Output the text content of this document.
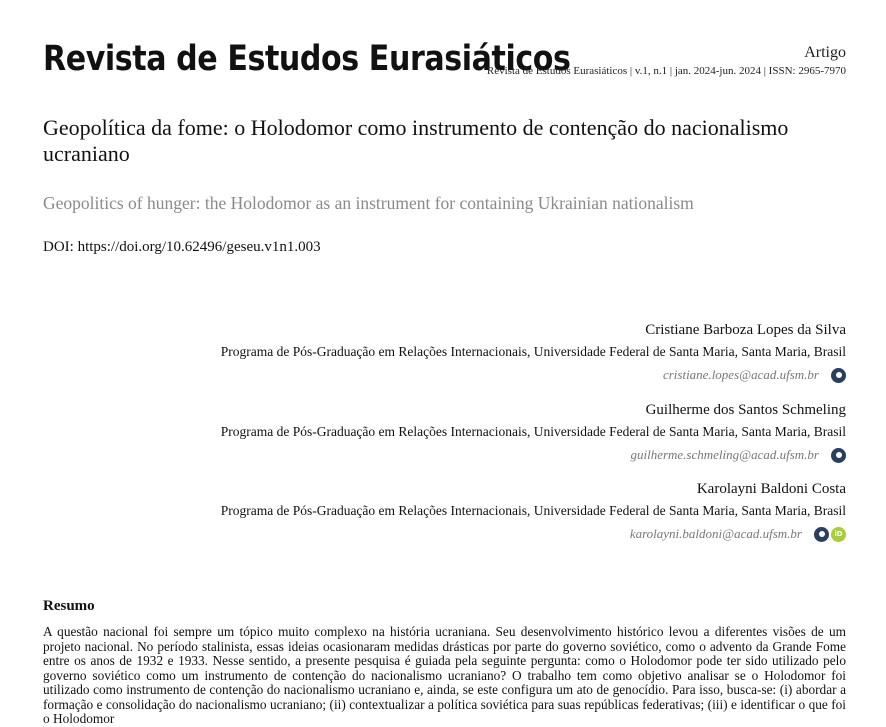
Revista de Estudos Eurasiáticos	Artigo
Revista de Estudos Eurasiáticos | v.1, n.1 | jan. 2024-jun. 2024 | ISSN: 2965-7970
Geopolítica da fome: o Holodomor como instrumento de contenção do nacionalismo ucraniano
Geopolitics of hunger: the Holodomor as an instrument for containing Ukrainian nationalism
DOI: https://doi.org/10.62496/geseu.v1n1.003
Cristiane Barboza Lopes da Silva
Programa de Pós-Graduação em Relações Internacionais, Universidade Federal de Santa Maria, Santa Maria, Brasil
cristiane.lopes@acad.ufsm.br
Guilherme dos Santos Schmeling
Programa de Pós-Graduação em Relações Internacionais, Universidade Federal de Santa Maria, Santa Maria, Brasil
guilherme.schmeling@acad.ufsm.br
Karolayni Baldoni Costa
Programa de Pós-Graduação em Relações Internacionais, Universidade Federal de Santa Maria, Santa Maria, Brasil
karolayni.baldoni@acad.ufsm.br	iD
Resumo
A questão nacional foi sempre um tópico muito complexo na história ucraniana. Seu desenvolvimento histórico levou a diferentes visões de um projeto nacional. No período stalinista, essas ideias ocasionaram medidas drásticas por parte do governo soviético, como o advento da Grande Fome entre os anos de 1932 e 1933. Nesse sentido, a presente pesquisa é guiada pela seguinte pergunta: como o Holodomor pode ter sido utilizado pelo governo soviético como um instrumento de contenção do nacionalismo ucraniano? O trabalho tem como objetivo analisar se o Holodomor foi utilizado como instrumento de contenção do nacionalismo ucraniano e, ainda, se este configura um ato de genocídio. Para isso, busca-se: (i) abordar a formação e consolidação do nacionalismo ucraniano; (ii) contextualizar a política soviética para suas repúblicas federativas; (iii) e identificar o que foi o Holodomor
